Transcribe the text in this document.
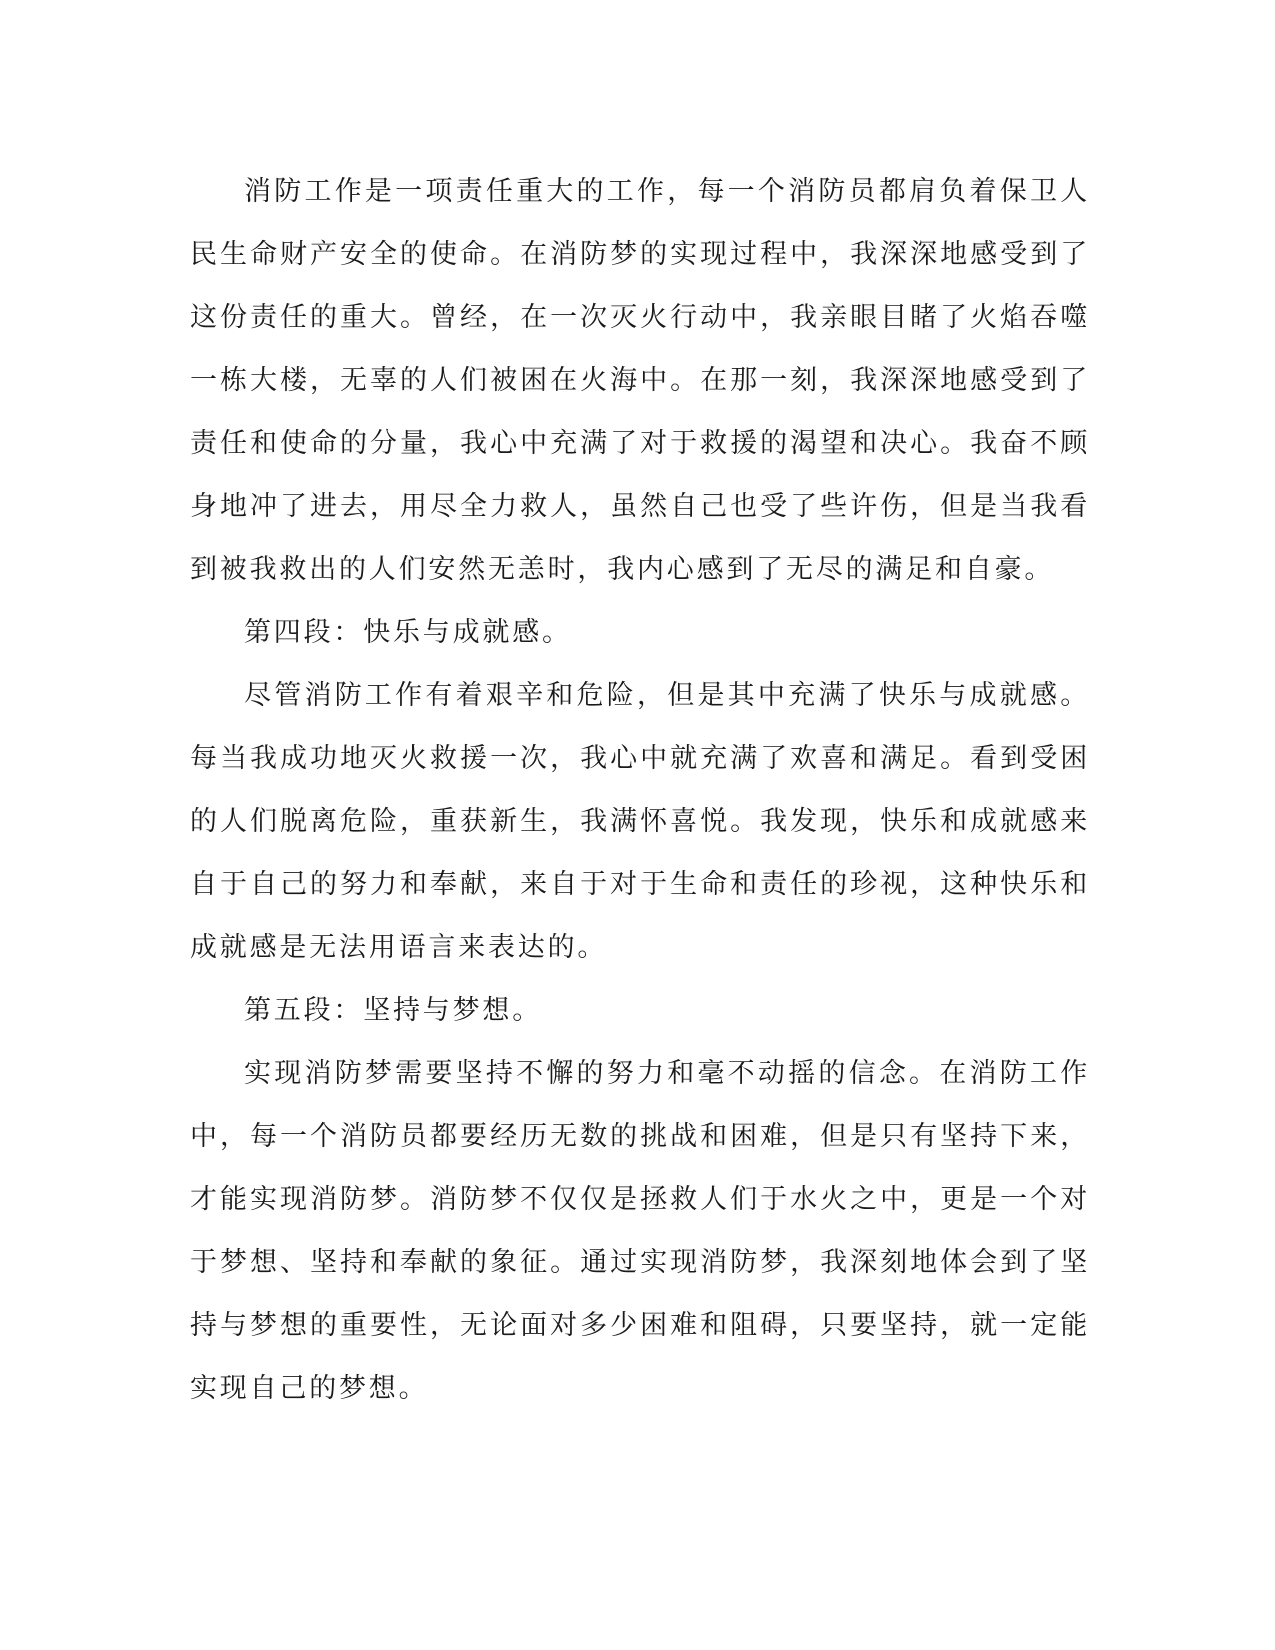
消防工作是一项责任重大的工作，每一个消防员都肩负着保卫人民生命财产安全的使命。在消防梦的实现过程中，我深深地感受到了这份责任的重大。曾经，在一次灭火行动中，我亲眼目睹了火焰吞噬一栋大楼，无辜的人们被困在火海中。在那一刻，我深深地感受到了责任和使命的分量，我心中充满了对于救援的渴望和决心。我奋不顾身地冲了进去，用尽全力救人，虽然自己也受了些许伤，但是当我看到被我救出的人们安然无恙时，我内心感到了无尽的满足和自豪。

第四段：快乐与成就感。

尽管消防工作有着艰辛和危险，但是其中充满了快乐与成就感。每当我成功地灭火救援一次，我心中就充满了欢喜和满足。看到受困的人们脱离危险，重获新生，我满怀喜悦。我发现，快乐和成就感来自于自己的努力和奉献，来自于对于生命和责任的珍视，这种快乐和成就感是无法用语言来表达的。

第五段：坚持与梦想。

实现消防梦需要坚持不懈的努力和毫不动摇的信念。在消防工作中，每一个消防员都要经历无数的挑战和困难，但是只有坚持下来，才能实现消防梦。消防梦不仅仅是拯救人们于水火之中，更是一个对于梦想、坚持和奉献的象征。通过实现消防梦，我深刻地体会到了坚持与梦想的重要性，无论面对多少困难和阻碍，只要坚持，就一定能实现自己的梦想。
